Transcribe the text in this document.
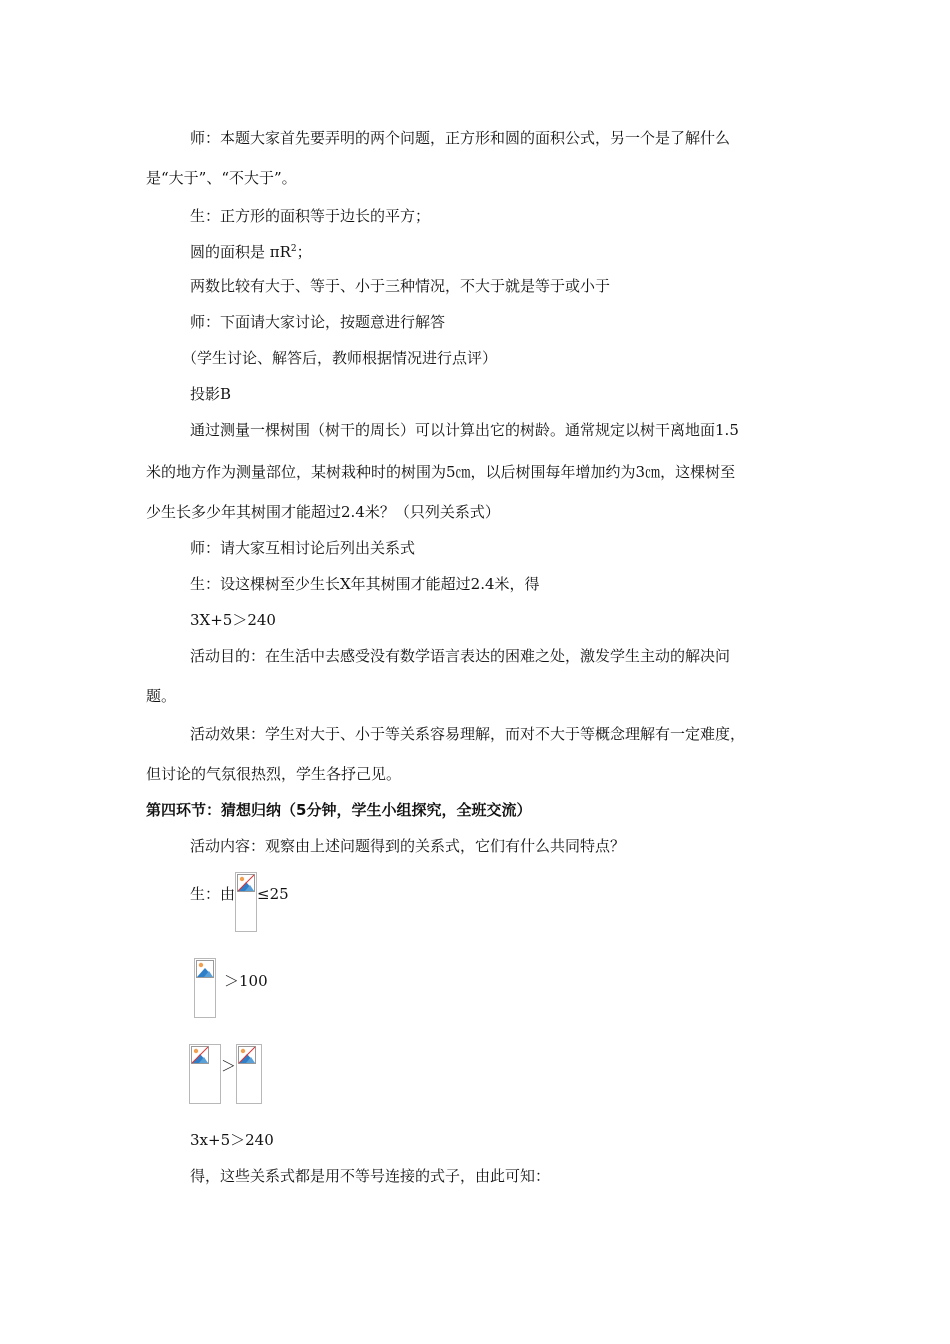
师：本题大家首先要弄明的两个问题，正方形和圆的面积公式，另一个是了解什么
是“大于”、“不大于”。
生：正方形的面积等于边长的平方；
圆的面积是 $\pi R^2$；
两数比较有大于、等于、小于三种情况，不大于就是等于或小于
师：下面请大家讨论，按题意进行解答
（学生讨论、解答后，教师根据情况进行点评）
投影B
通过测量一棵树围（树干的周长）可以计算出它的树龄。通常规定以树干离地面1.5
米的地方作为测量部位，某树栽种时的树围为5㎝，以后树围每年增加约为3㎝，这棵树至
少生长多少年其树围才能超过2.4米？（只列关系式）
师：请大家互相讨论后列出关系式
生：设这棵树至少生长X年其树围才能超过2.4米，得
3X+5＞240
活动目的：在生活中去感受没有数学语言表达的困难之处，激发学生主动的解决问
题。
活动效果：学生对大于、小于等关系容易理解，而对不大于等概念理解有一定难度，
但讨论的气氛很热烈，学生各抒己见。
第四环节：猜想归纳（5分钟，学生小组探究，全班交流）
活动内容：观察由上述问题得到的关系式，它们有什么共同特点？
生：由 ≤25
＞100
＞
3x+5＞240
得，这些关系式都是用不等号连接的式子，由此可知：
